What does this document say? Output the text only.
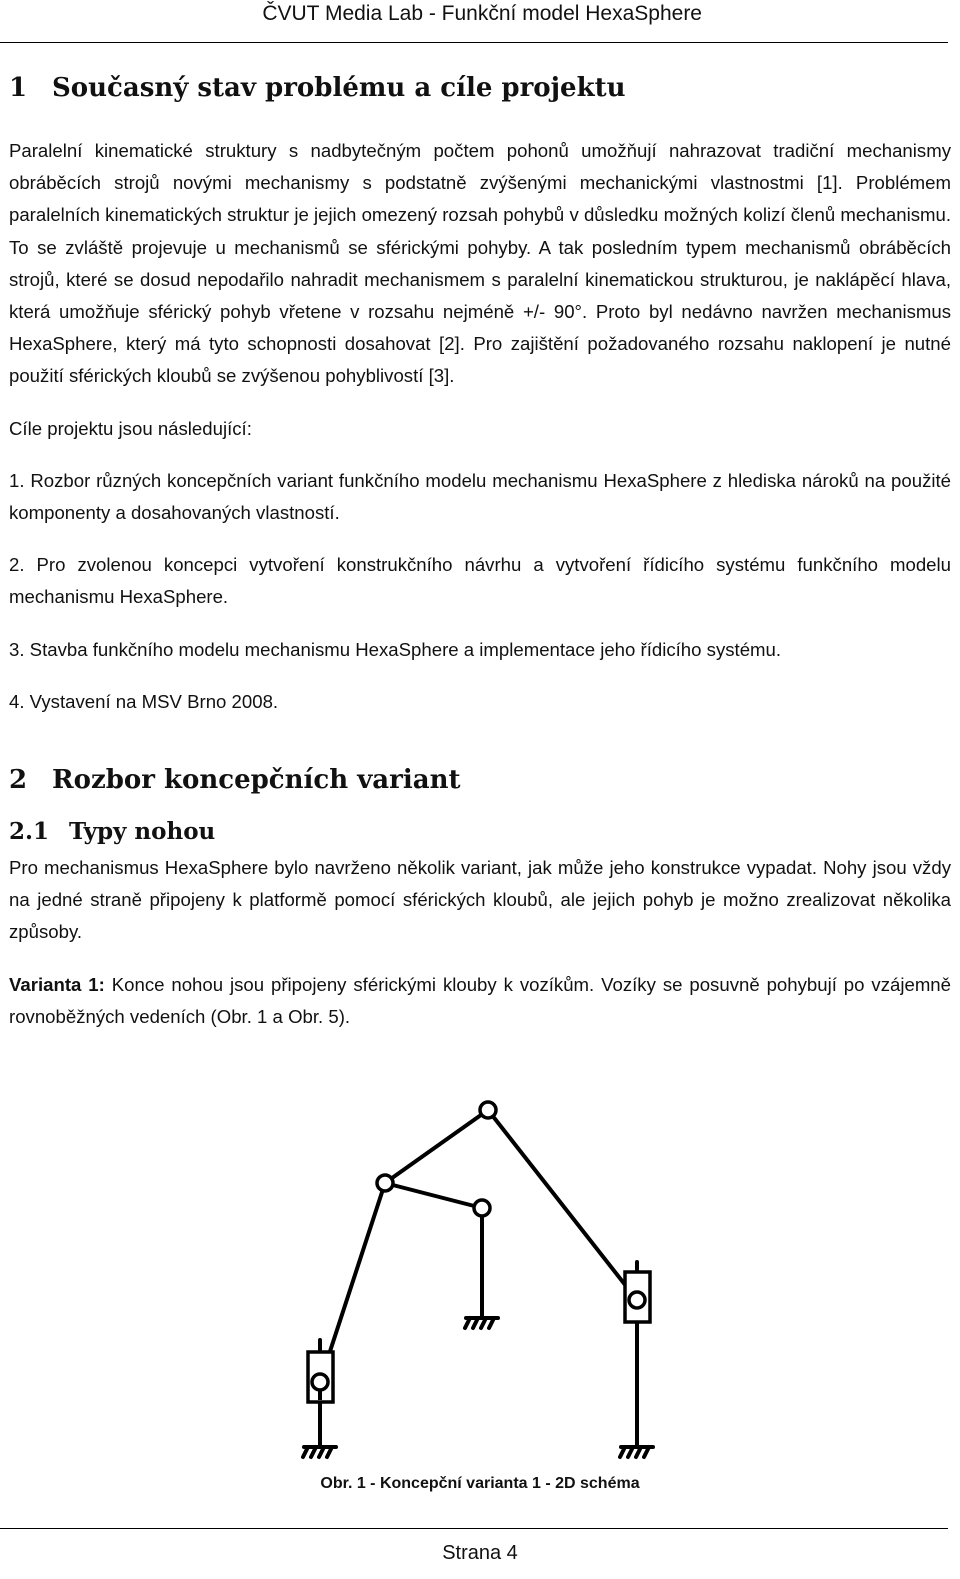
ČVUT Media Lab - Funkční model HexaSphere
1 Současný stav problému a cíle projektu

Paralelní kinematické struktury s nadbytečným počtem pohonů umožňují nahrazovat tradiční mechanismy obráběcích strojů novými mechanismy s podstatně zvýšenými mechanickými vlastnostmi [1]. Problémem paralelních kinematických struktur je jejich omezený rozsah pohybů v důsledku možných kolizí členů mechanismu. To se zvláště projevuje u mechanismů se sférickými pohyby. A tak posledním typem mechanismů obráběcích strojů, které se dosud nepodařilo nahradit mechanismem s paralelní kinematickou strukturou, je naklápěcí hlava, která umožňuje sférický pohyb vřetene v rozsahu nejméně +/- 90°. Proto byl nedávno navržen mechanismus HexaSphere, který má tyto schopnosti dosahovat [2]. Pro zajištění požadovaného rozsahu naklopení je nutné použití sférických kloubů se zvýšenou pohyblivostí [3].

Cíle projektu jsou následující:

1. Rozbor různých koncepčních variant funkčního modelu mechanismu HexaSphere z hlediska nároků na použité komponenty a dosahovaných vlastností.

2. Pro zvolenou koncepci vytvoření konstrukčního návrhu a vytvoření řídicího systému funkčního modelu mechanismu HexaSphere.

3. Stavba funkčního modelu mechanismu HexaSphere a implementace jeho řídicího systému.

4. Vystavení na MSV Brno 2008.

2 Rozbor koncepčních variant
2.1 Typy nohou

Pro mechanismus HexaSphere bylo navrženo několik variant, jak může jeho konstrukce vypadat. Nohy jsou vždy na jedné straně připojeny k platformě pomocí sférických kloubů, ale jejich pohyb je možno zrealizovat několika způsoby.

Varianta 1: Konce nohou jsou připojeny sférickými klouby k vozíkům. Vozíky se posuvně pohybují po vzájemně rovnoběžných vedeních (Obr. 1 a Obr. 5).

Obr. 1 - Koncepční varianta 1 - 2D schéma
Strana 4
